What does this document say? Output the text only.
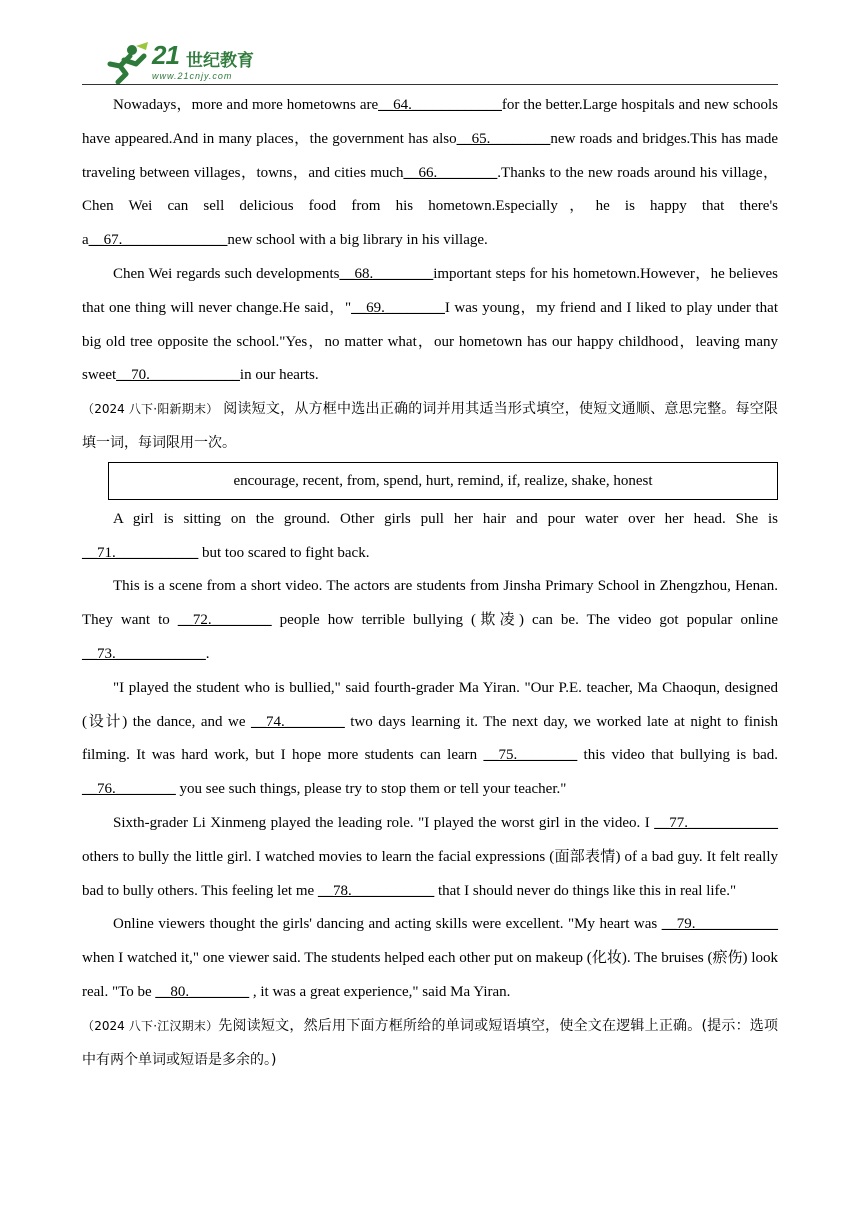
21 世纪教育
www.21cnjy.com

Nowadays，more and more hometowns are__64.____________for the better.Large hospitals and new schools have appeared.And in many places，the government has also__65.________new roads and bridges.This has made traveling between villages，towns，and cities much__66.________.Thanks to the new roads around his village，Chen Wei can sell delicious food from his hometown.Especially，he is happy that there's a__67.______________new school with a big library in his village.

Chen Wei regards such developments__68.________important steps for his hometown.However，he believes that one thing will never change.He said，"__69.________I was young，my friend and I liked to play under that big old tree opposite the school."Yes，no matter what，our hometown has our happy childhood，leaving many sweet__70.____________in our hearts.

（2024 八下·阳新期末） 阅读短文，从方框中选出正确的词并用其适当形式填空，使短文通顺、意思完整。每空限填一词，每词限用一次。

encourage, recent, from, spend, hurt, remind, if, realize, shake, honest

A girl is sitting on the ground. Other girls pull her hair and pour water over her head. She is __71.___________ but too scared to fight back.

This is a scene from a short video. The actors are students from Jinsha Primary School in Zhengzhou, Henan. They want to __72.________ people how terrible bullying (欺凌) can be. The video got popular online __73.____________.

"I played the student who is bullied," said fourth-grader Ma Yiran. "Our P.E. teacher, Ma Chaoqun, designed (设计) the dance, and we __74.________ two days learning it. The next day, we worked late at night to finish filming. It was hard work, but I hope more students can learn __75.________ this video that bullying is bad. __76.________ you see such things, please try to stop them or tell your teacher."

Sixth-grader Li Xinmeng played the leading role. "I played the worst girl in the video. I __77.____________ others to bully the little girl. I watched movies to learn the facial expressions (面部表情) of a bad guy. It felt really bad to bully others. This feeling let me __78.___________ that I should never do things like this in real life."

Online viewers thought the girls' dancing and acting skills were excellent. "My heart was __79.___________ when I watched it," one viewer said. The students helped each other put on makeup (化妆). The bruises (瘀伤) look real. "To be __80.________ , it was a great experience," said Ma Yiran.

（2024 八下·江汉期末）先阅读短文，然后用下面方框所给的单词或短语填空，使全文在逻辑上正确。(提示：选项中有两个单词或短语是多余的。)
